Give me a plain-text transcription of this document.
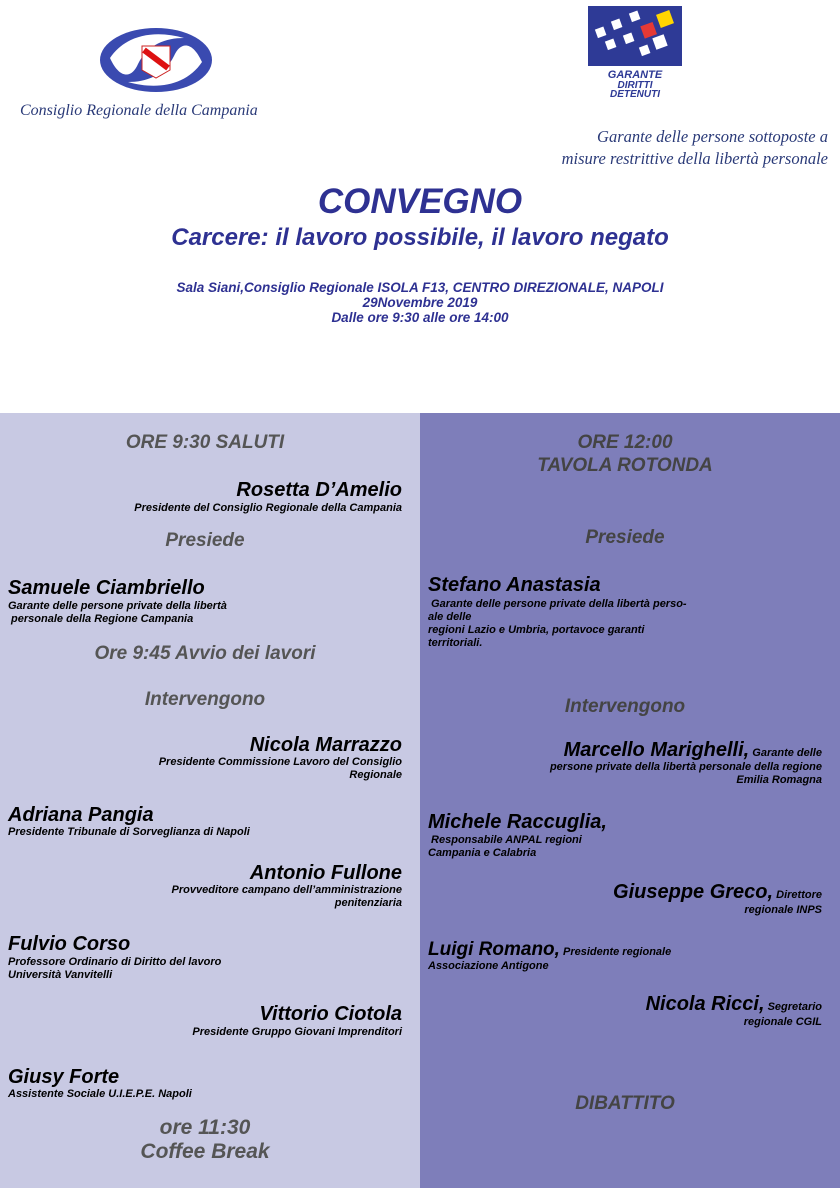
Consiglio Regionale della Campania
GARANTE
DIRITTI
DETENUTI
Garante delle persone sottoposte a
misure restrittive della libertà personale
CONVEGNO
Carcere: il lavoro possibile, il lavoro negato
Sala Siani,Consiglio Regionale ISOLA F13, CENTRO DIREZIONALE, NAPOLI
29Novembre 2019
Dalle ore 9:30 alle ore 14:00
ORE 9:30 SALUTI
Rosetta D’Amelio
Presidente del Consiglio Regionale della Campania
Presiede
Samuele Ciambriello
Garante delle persone private della libertà
personale della Regione Campania
Ore 9:45 Avvio dei lavori
Intervengono
Nicola Marrazzo
Presidente Commissione Lavoro del Consiglio
Regionale
Adriana Pangia
Presidente Tribunale di Sorveglianza di Napoli
Antonio Fullone
Provveditore campano dell’amministrazione
penitenziaria
Fulvio Corso
Professore Ordinario di Diritto del lavoro
Università Vanvitelli
Vittorio Ciotola
Presidente Gruppo Giovani Imprenditori
Giusy Forte
Assistente Sociale U.I.E.P.E. Napoli
ore 11:30
Coffee Break
ORE 12:00
TAVOLA ROTONDA
Presiede
Stefano Anastasia
Garante delle persone private della libertà perso-
ale delle
regioni Lazio e Umbria, portavoce garanti
territoriali.
Intervengono
Marcello Marighelli, Garante delle
persone private della libertà personale della regione
Emilia Romagna
Michele Raccuglia,
Responsabile ANPAL regioni
Campania e Calabria
Giuseppe Greco, Direttore
regionale INPS
Luigi Romano, Presidente regionale
Associazione Antigone
Nicola Ricci, Segretario
regionale CGIL
DIBATTITO
